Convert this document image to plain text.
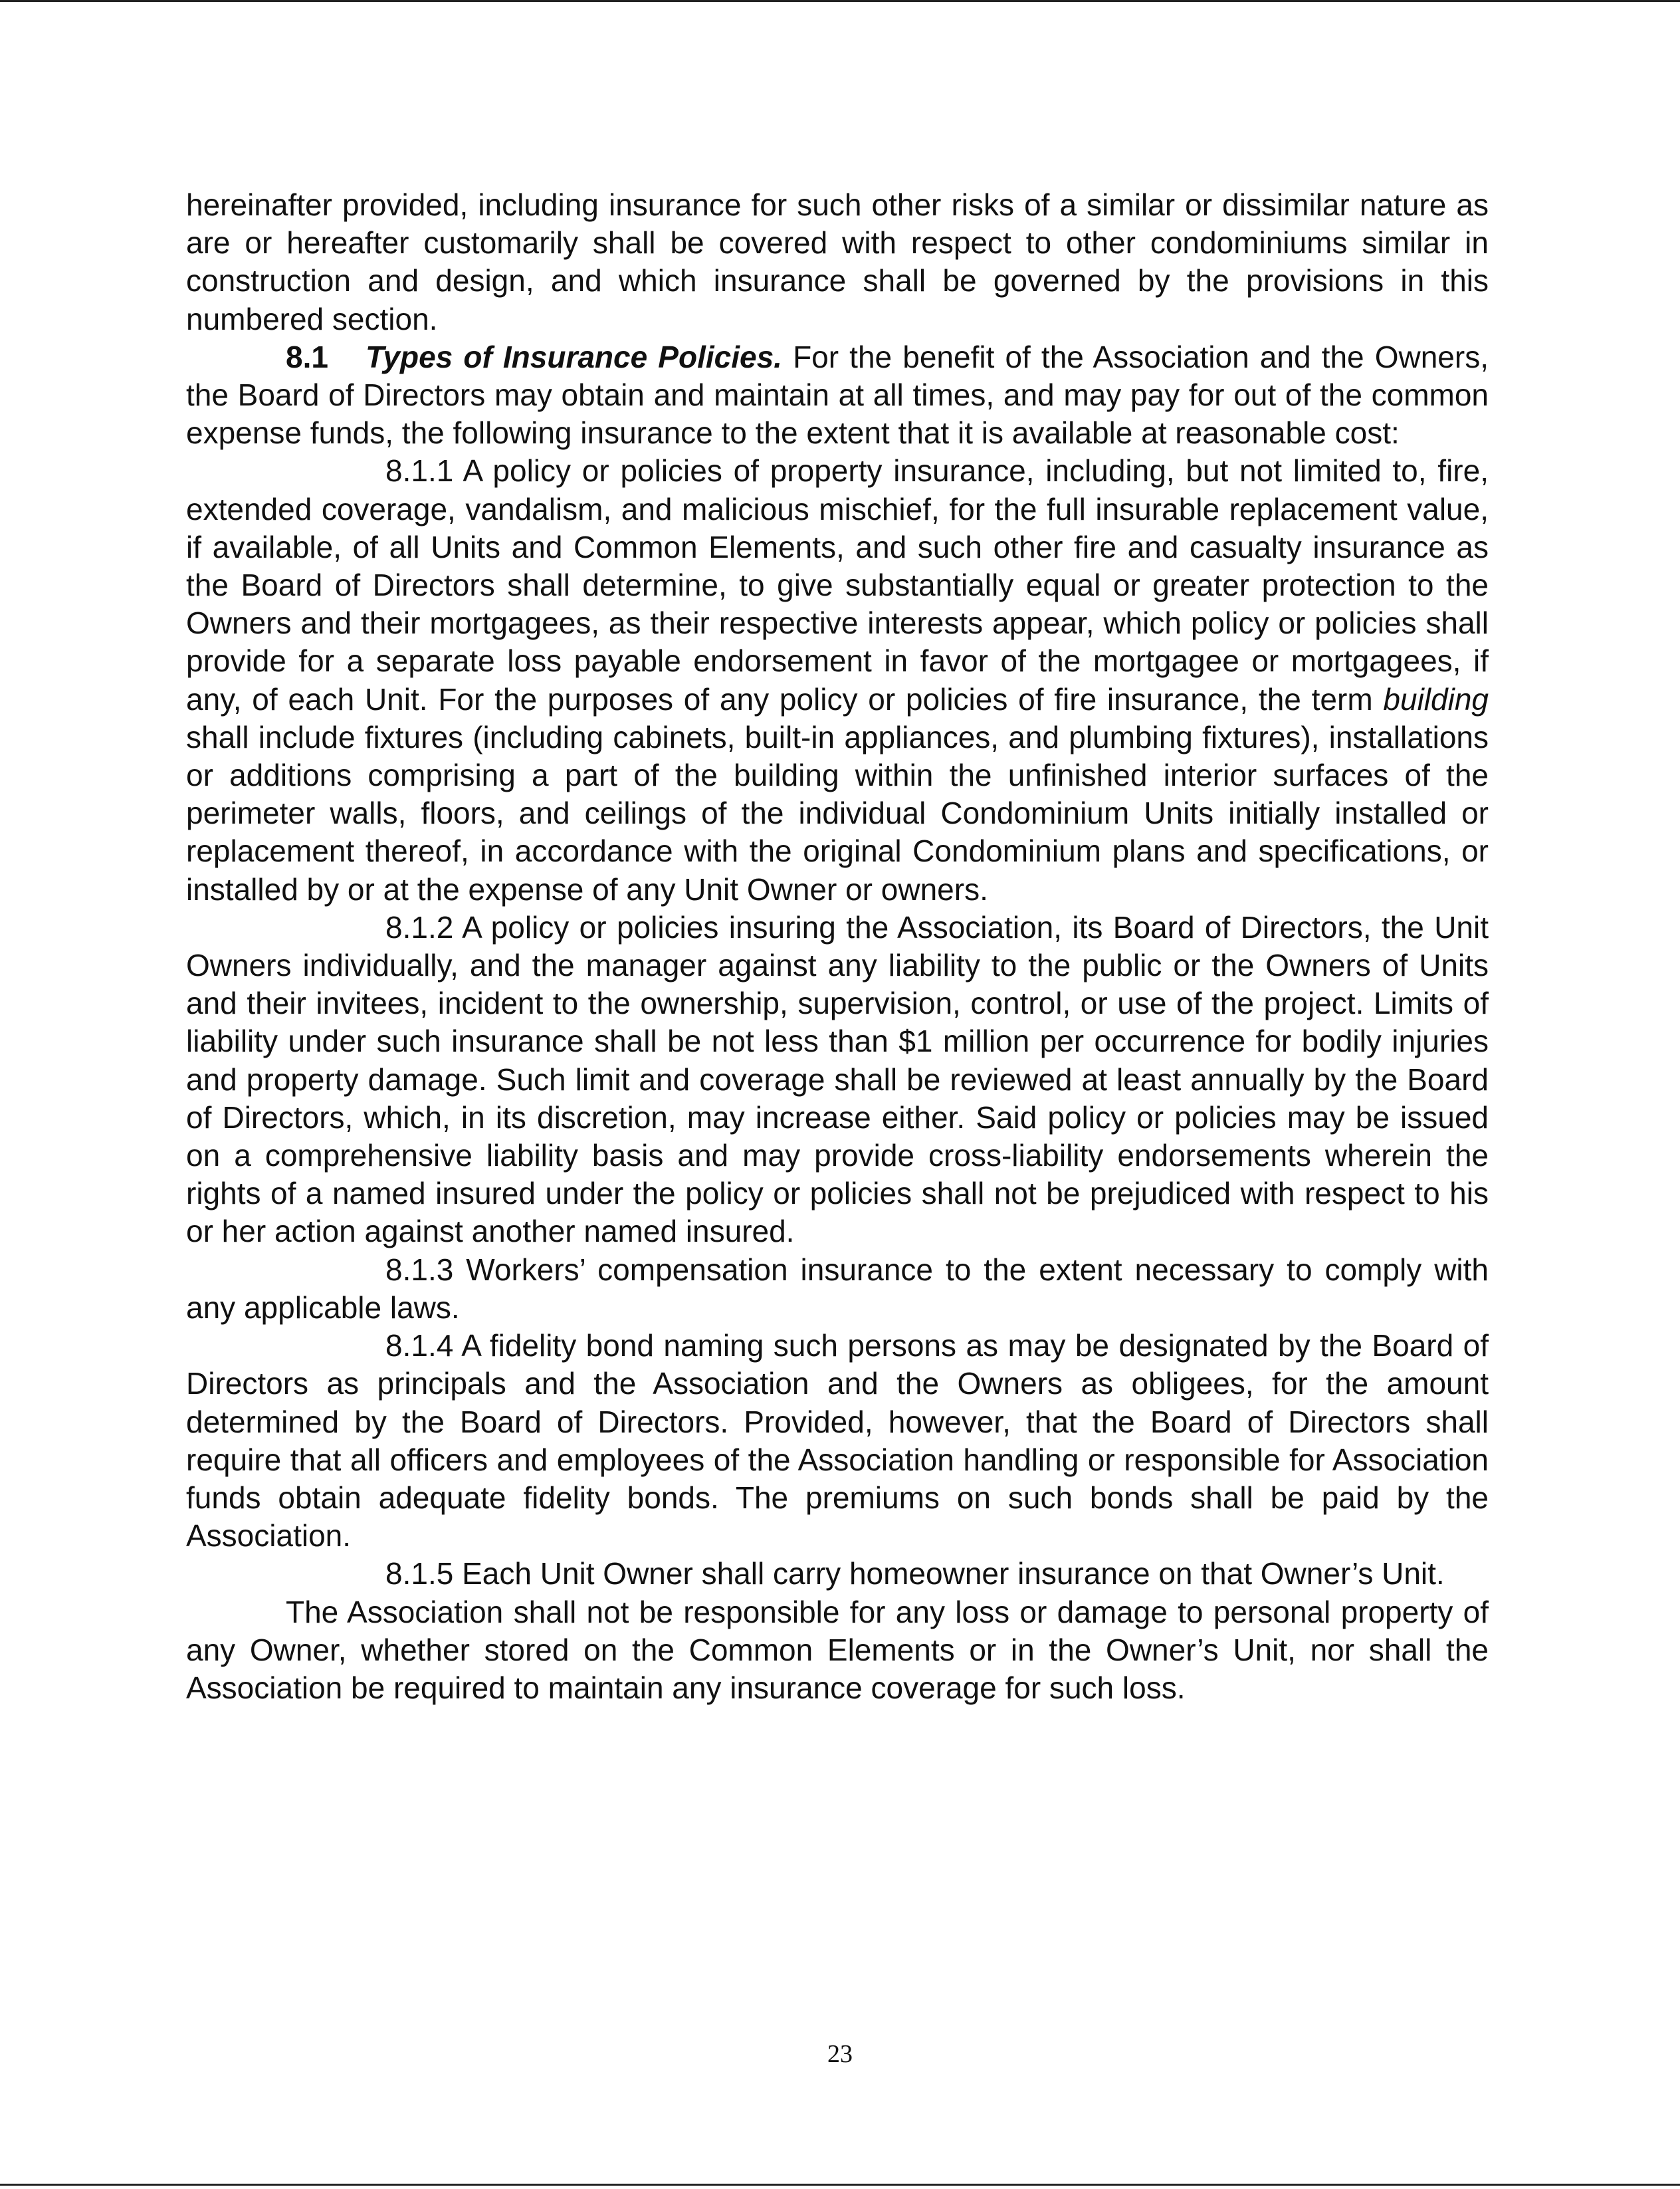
hereinafter provided, including insurance for such other risks of a similar or dissimilar nature as are or hereafter customarily shall be covered with respect to other condominiums similar in construction and design, and which insurance shall be governed by the provisions in this numbered section.

8.1 Types of Insurance Policies. For the benefit of the Association and the Owners, the Board of Directors may obtain and maintain at all times, and may pay for out of the common expense funds, the following insurance to the extent that it is available at reasonable cost:

8.1.1 A policy or policies of property insurance, including, but not limited to, fire, extended coverage, vandalism, and malicious mischief, for the full insurable replacement value, if available, of all Units and Common Elements, and such other fire and casualty insurance as the Board of Directors shall determine, to give substantially equal or greater protection to the Owners and their mortgagees, as their respective interests appear, which policy or policies shall provide for a separate loss payable endorsement in favor of the mortgagee or mortgagees, if any, of each Unit. For the purposes of any policy or policies of fire insurance, the term building shall include fixtures (including cabinets, built-in appliances, and plumbing fixtures), installations or additions comprising a part of the building within the unfinished interior surfaces of the perimeter walls, floors, and ceilings of the individual Condominium Units initially installed or replacement thereof, in accordance with the original Condominium plans and specifications, or installed by or at the expense of any Unit Owner or owners.

8.1.2 A policy or policies insuring the Association, its Board of Directors, the Unit Owners individually, and the manager against any liability to the public or the Owners of Units and their invitees, incident to the ownership, supervision, control, or use of the project. Limits of liability under such insurance shall be not less than $1 million per occurrence for bodily injuries and property damage. Such limit and coverage shall be reviewed at least annually by the Board of Directors, which, in its discretion, may increase either. Said policy or policies may be issued on a comprehensive liability basis and may provide cross-liability endorsements wherein the rights of a named insured under the policy or policies shall not be prejudiced with respect to his or her action against another named insured.

8.1.3 Workers’ compensation insurance to the extent necessary to comply with any applicable laws.

8.1.4 A fidelity bond naming such persons as may be designated by the Board of Directors as principals and the Association and the Owners as obligees, for the amount determined by the Board of Directors. Provided, however, that the Board of Directors shall require that all officers and employees of the Association handling or responsible for Association funds obtain adequate fidelity bonds. The premiums on such bonds shall be paid by the Association.

8.1.5 Each Unit Owner shall carry homeowner insurance on that Owner’s Unit.

The Association shall not be responsible for any loss or damage to personal property of any Owner, whether stored on the Common Elements or in the Owner’s Unit, nor shall the Association be required to maintain any insurance coverage for such loss.

23
